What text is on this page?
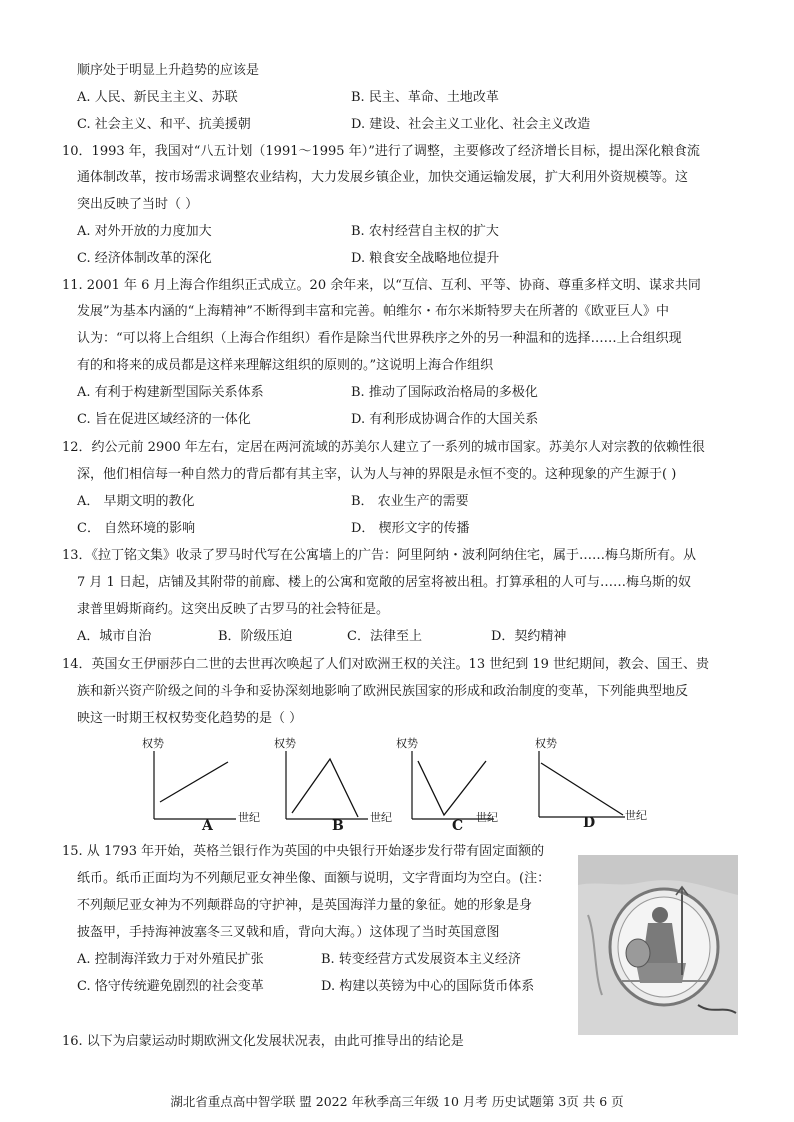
顺序处于明显上升趋势的应该是
A. 人民、新民主主义、苏联	B. 民主、革命、土地改革
C. 社会主义、和平、抗美援朝	D. 建设、社会主义工业化、社会主义改造
10．1993 年，我国对“八五计划（1991～1995 年）”进行了调整，主要修改了经济增长目标，提出深化粮食流
通体制改革，按市场需求调整农业结构，大力发展乡镇企业，加快交通运输发展，扩大利用外资规模等。这
突出反映了当时（ ）
A. 对外开放的力度加大	B. 农村经营自主权的扩大
C. 经济体制改革的深化	D. 粮食安全战略地位提升
11. 2001 年 6 月上海合作组织正式成立。20 余年来，以“互信、互利、平等、协商、尊重多样文明、谋求共同
发展”为基本内涵的“上海精神”不断得到丰富和完善。帕维尔・布尔米斯特罗夫在所著的《欧亚巨人》中
认为：“可以将上合组织（上海合作组织）看作是除当代世界秩序之外的另一种温和的选择……上合组织现
有的和将来的成员都是这样来理解这组织的原则的。”这说明上海合作组织
A. 有利于构建新型国际关系体系	B. 推动了国际政治格局的多极化
C. 旨在促进区域经济的一体化	D. 有利形成协调合作的大国关系
12．约公元前 2900 年左右，定居在两河流域的苏美尔人建立了一系列的城市国家。苏美尔人对宗教的依赖性很
深，他们相信每一种自然力的背后都有其主宰，认为人与神的界限是永恒不变的。这种现象的产生源于( )
A． 早期文明的教化	B． 农业生产的需要
C． 自然环境的影响	D． 楔形文字的传播
13．《拉丁铭文集》收录了罗马时代写在公寓墙上的广告：阿里阿纳・波利阿纳住宅，属于……梅乌斯所有。从
7 月 1 日起，店铺及其附带的前廊、楼上的公寓和宽敞的居室将被出租。打算承租的人可与……梅乌斯的奴
隶普里姆斯商约。这突出反映了古罗马的社会特征是。
A．城市自治	B．阶级压迫	C．法律至上	D．契约精神
14．英国女王伊丽莎白二世的去世再次唤起了人们对欧洲王权的关注。13 世纪到 19 世纪期间，教会、国王、贵
族和新兴资产阶级之间的斗争和妥协深刻地影响了欧洲民族国家的形成和政治制度的变革，下列能典型地反
映这一时期王权权势变化趋势的是（ ）
权势
世纪
A
权势
世纪
B
权势
世纪
C
权势
世纪
D
15. 从 1793 年开始，英格兰银行作为英国的中央银行开始逐步发行带有固定面额的
纸币。纸币正面均为不列颠尼亚女神坐像、面额与说明，文字背面均为空白。(注：
不列颠尼亚女神为不列颠群岛的守护神，是英国海洋力量的象征。她的形象是身
披盔甲，手持海神波塞冬三叉戟和盾，背向大海。）这体现了当时英国意图
A. 控制海洋致力于对外殖民扩张	B. 转变经营方式发展资本主义经济
C. 恪守传统避免剧烈的社会变革	D. 构建以英镑为中心的国际货币体系
16. 以下为启蒙运动时期欧洲文化发展状况表，由此可推导出的结论是
湖北省重点高中智学联 盟 2022 年秋季高三年级 10 月考 历史试题第 3页 共 6 页
